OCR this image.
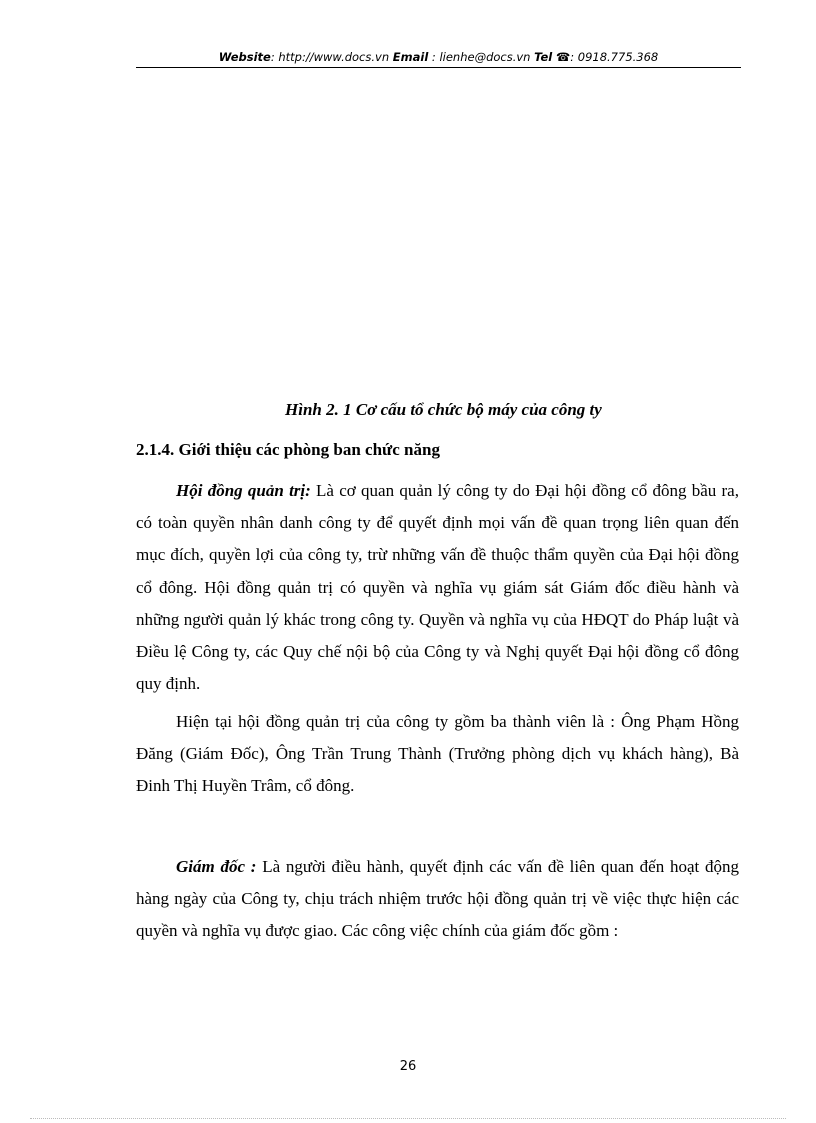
Website: http://www.docs.vn Email : lienhe@docs.vn Tel ☎: 0918.775.368
Hình 2. 1 Cơ cấu tổ chức bộ máy của công ty
2.1.4. Giới thiệu các phòng ban chức năng

Hội đồng quản trị: Là cơ quan quản lý công ty do Đại hội đồng cổ đông bầu ra, có toàn quyền nhân danh công ty để quyết định mọi vấn đề quan trọng liên quan đến mục đích, quyền lợi của công ty, trừ những vấn đề thuộc thẩm quyền của Đại hội đồng cổ đông. Hội đồng quản trị có quyền và nghĩa vụ giám sát Giám đốc điều hành và những người quản lý khác trong công ty. Quyền và nghĩa vụ của HĐQT do Pháp luật và Điều lệ Công ty, các Quy chế nội bộ của Công ty và Nghị quyết Đại hội đồng cổ đông quy định.

Hiện tại hội đồng quản trị của công ty gồm ba thành viên là : Ông Phạm Hồng Đăng (Giám Đốc), Ông Trần Trung Thành (Trưởng phòng dịch vụ khách hàng), Bà Đinh Thị Huyền Trâm, cổ đông.

Giám đốc : Là người điều hành, quyết định các vấn đề liên quan đến hoạt động hàng ngày của Công ty, chịu trách nhiệm trước hội đồng quản trị về việc thực hiện các quyền và nghĩa vụ được giao. Các công việc chính của giám đốc gồm :

26
